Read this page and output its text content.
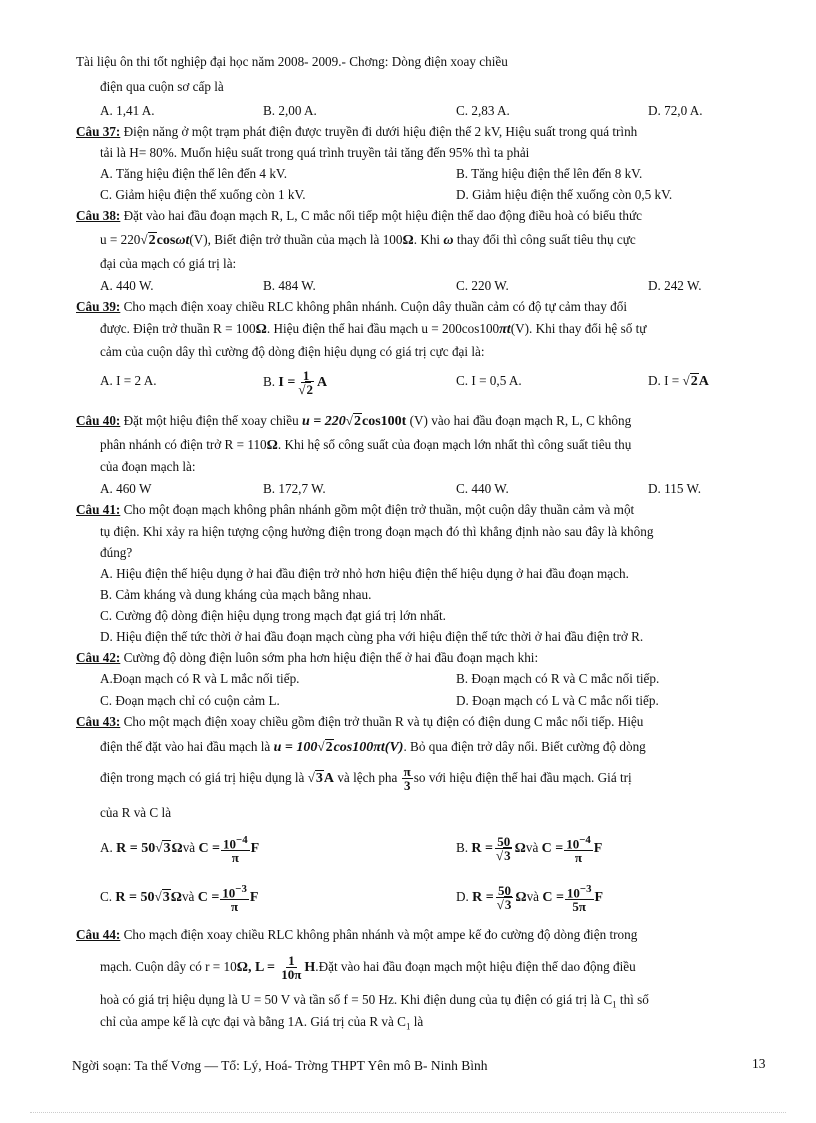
Tài liệu ôn thi tốt nghiệp đại học năm 2008- 2009.- Chơng: Dòng điện xoay chiều
điện qua cuộn sơ cấp là
A. 1,41 A.	B. 2,00 A.	C. 2,83 A.	D. 72,0 A.
Câu 37: Điện năng ở một trạm phát điện được truyền đi dưới hiệu điện thế 2 kV, Hiệu suất trong quá trình
tải là H= 80%. Muốn hiệu suất trong quá trình truyền tải tăng đến 95% thì ta phải
A. Tăng hiệu điện thế lên đến 4 kV.	B. Tăng hiệu điện thế lên đến 8 kV.
C. Giảm hiệu điện thế xuống còn 1 kV.	D. Giảm hiệu điện thế xuống còn 0,5 kV.
Câu 38: Đặt vào hai đầu đoạn mạch R, L, C mắc nối tiếp một hiệu điện thế dao động điều hoà có biểu thức
u = 220√2cosωt(V), Biết điện trở thuần của mạch là 100Ω. Khi ω thay đổi thì công suất tiêu thụ cực
đại của mạch có giá trị là:
A. 440 W.	B. 484 W.	C. 220 W.	D. 242 W.
Câu 39: Cho mạch điện xoay chiều RLC không phân nhánh. Cuộn dây thuần cảm có độ tự cảm thay đổi
được. Điện trở thuần R = 100Ω. Hiệu điện thế hai đầu mạch u = 200cos100πt(V). Khi thay đổi hệ số tự
cảm của cuộn dây thì cường độ dòng điện hiệu dụng có giá trị cực đại là:
A. I = 2 A.	B. $I = \frac{1}{√2}$ A	C. I = 0,5 A.	D. I = √2A
Câu 40: Đặt một hiệu điện thế xoay chiều u = 220√2cos100t (V) vào hai đầu đoạn mạch R, L, C không
phân nhánh có điện trở R = 110Ω. Khi hệ số công suất của đoạn mạch lớn nhất thì công suất tiêu thụ
của đoạn mạch là:
A. 460 W	B. 172,7 W.	C. 440 W.	D. 115 W.
Câu 41: Cho một đoạn mạch không phân nhánh gồm một điện trở thuần, một cuộn dây thuần cảm và một
tụ điện. Khi xảy ra hiện tượng cộng hưởng điện trong đoạn mạch đó thì khẳng định nào sau đây là không
đúng?
A. Hiệu điện thế hiệu dụng ở hai đầu điện trở nhỏ hơn hiệu điện thế hiệu dụng ở hai đầu đoạn mạch.
B. Cảm kháng và dung kháng của mạch bằng nhau.
C. Cường độ dòng điện hiệu dụng trong mạch đạt giá trị lớn nhất.
D. Hiệu điện thế tức thời ở hai đầu đoạn mạch cùng pha với hiệu điện thế tức thời ở hai đầu điện trở R.
Câu 42: Cường độ dòng điện luôn sớm pha hơn hiệu điện thế ở hai đầu đoạn mạch khi:
A.Đoạn mạch có R và L mắc nối tiếp.	B. Đoạn mạch có R và C mắc nối tiếp.
C. Đoạn mạch chỉ có cuộn cảm L.	D. Đoạn mạch có L và C mắc nối tiếp.
Câu 43: Cho một mạch điện xoay chiều gồm điện trở thuần R và tụ điện có điện dung C mắc nối tiếp. Hiệu
điện thế đặt vào hai đầu mạch là u = 100√2cos100πt(V). Bỏ qua điện trở dây nối. Biết cường độ dòng
điện trong mạch có giá trị hiệu dụng là √3A và lệch pha $\frac{\pi}{3}$ so với hiệu điện thế hai đầu mạch. Giá trị
của R và C là
A. R = 50√3Ωvà $C = \frac{10^{-4}}{\pi}$ F	B. $R = \frac{50}{√3}$ Ωvà $C = \frac{10^{-4}}{\pi}$ F
C. R = 50√3Ωvà $C = \frac{10^{-3}}{\pi}$ F	D. $R = \frac{50}{√3}$ Ωvà $C = \frac{10^{-3}}{5\pi}$ F
Câu 44: Cho mạch điện xoay chiều RLC không phân nhánh và một ampe kế đo cường độ dòng điện trong
mạch. Cuộn dây có r = 10Ω, $L = \frac{1}{10\pi}$ H.Đặt vào hai đầu đoạn mạch một hiệu điện thế dao động điều
hoà có giá trị hiệu dụng là U = 50 V và tần số f = 50 Hz. Khi điện dung của tụ điện có giá trị là $C_1$ thì số
chỉ của ampe kế là cực đại và bằng 1A. Giá trị của R và $C_1$ là
Ngời soạn: Ta thế Vơng — Tổ: Lý, Hoá- Trờng THPT Yên mô B- Ninh Bình	13
